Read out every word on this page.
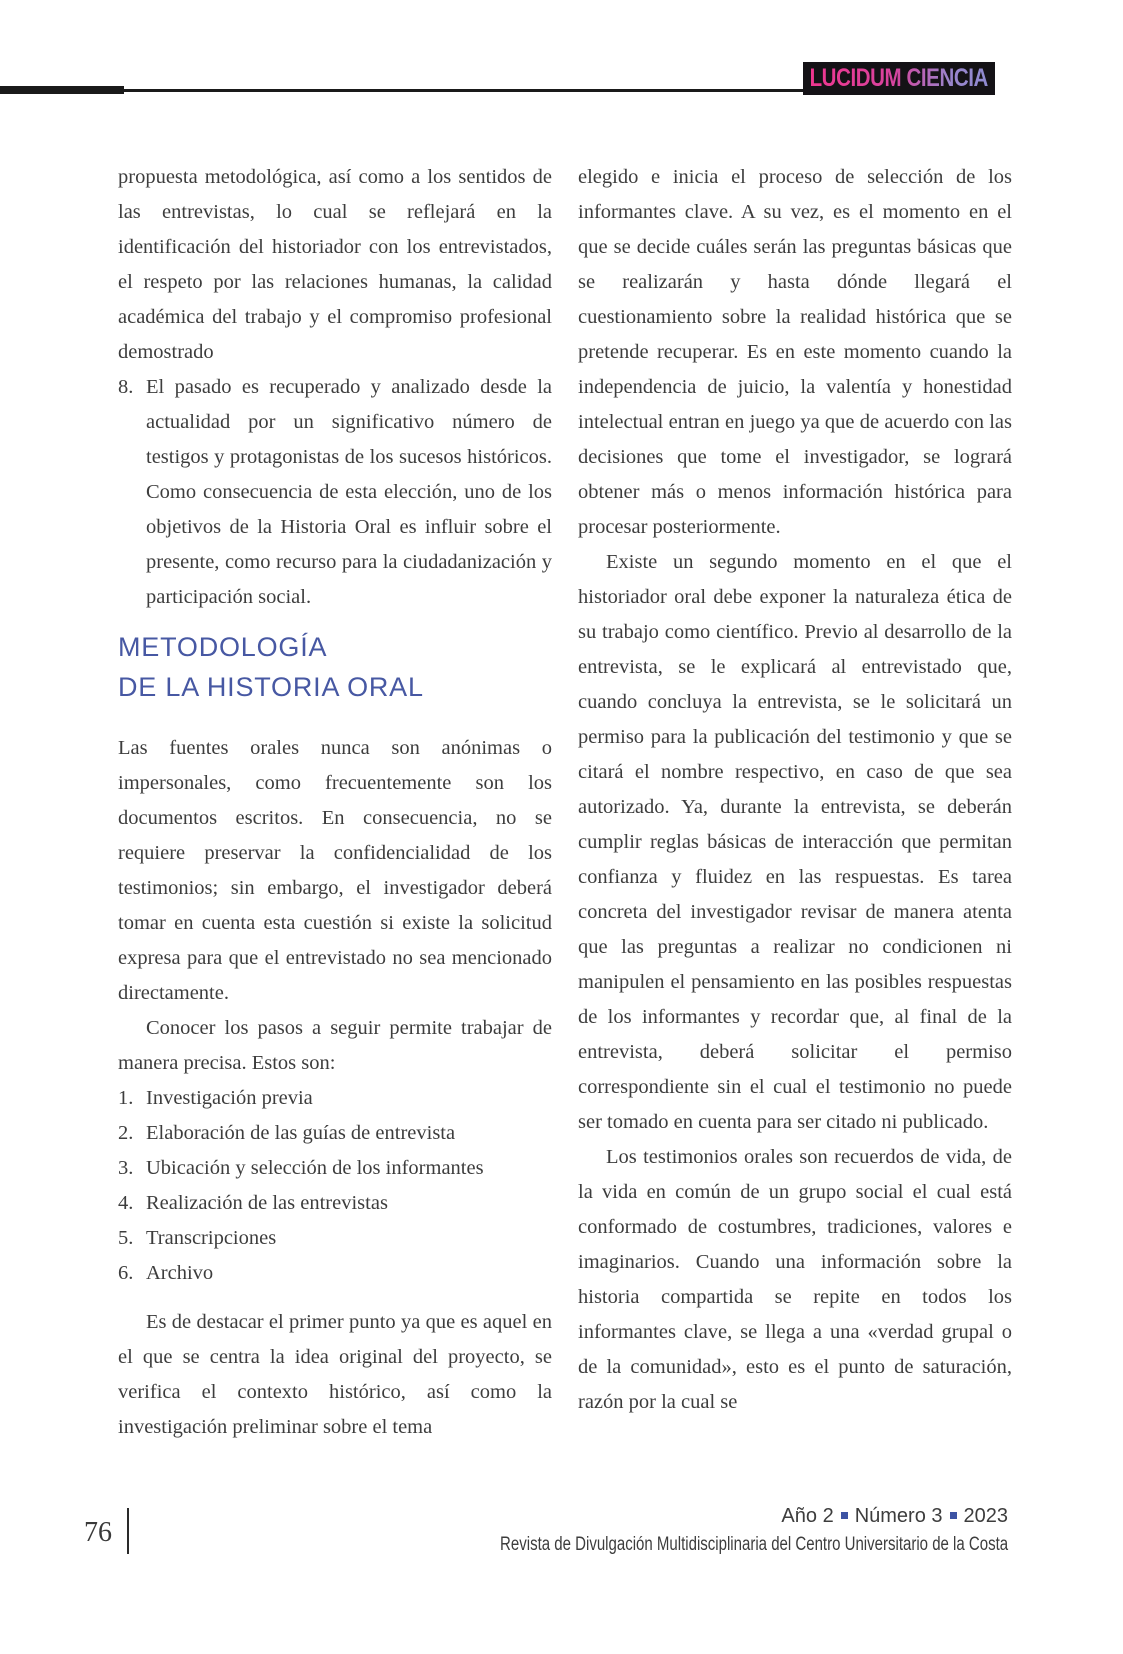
LUCIDUM CIENCIA
propuesta metodológica, así como a los sentidos de las entrevistas, lo cual se reflejará en la identificación del historiador con los entrevistados, el respeto por las relaciones humanas, la calidad académica del trabajo y el compromiso profesional demostrado
8. El pasado es recuperado y analizado desde la actualidad por un significativo número de testigos y protagonistas de los sucesos históricos. Como consecuencia de esta elección, uno de los objetivos de la Historia Oral es influir sobre el presente, como recurso para la ciudadanización y participación social.
METODOLOGÍA
DE LA HISTORIA ORAL

Las fuentes orales nunca son anónimas o impersonales, como frecuentemente son los documentos escritos. En consecuencia, no se requiere preservar la confidencialidad de los testimonios; sin embargo, el investigador deberá tomar en cuenta esta cuestión si existe la solicitud expresa para que el entrevistado no sea mencionado directamente.

Conocer los pasos a seguir permite trabajar de manera precisa. Estos son:

1. Investigación previa
2. Elaboración de las guías de entrevista
3. Ubicación y selección de los informantes
4. Realización de las entrevistas
5. Transcripciones
6. Archivo

Es de destacar el primer punto ya que es aquel en el que se centra la idea original del proyecto, se verifica el contexto histórico, así como la investigación preliminar sobre el tema

elegido e inicia el proceso de selección de los informantes clave. A su vez, es el momento en el que se decide cuáles serán las preguntas básicas que se realizarán y hasta dónde llegará el cuestionamiento sobre la realidad histórica que se pretende recuperar. Es en este momento cuando la independencia de juicio, la valentía y honestidad intelectual entran en juego ya que de acuerdo con las decisiones que tome el investigador, se logrará obtener más o menos información histórica para procesar posteriormente.

Existe un segundo momento en el que el historiador oral debe exponer la naturaleza ética de su trabajo como científico. Previo al desarrollo de la entrevista, se le explicará al entrevistado que, cuando concluya la entrevista, se le solicitará un permiso para la publicación del testimonio y que se citará el nombre respectivo, en caso de que sea autorizado. Ya, durante la entrevista, se deberán cumplir reglas básicas de interacción que permitan confianza y fluidez en las respuestas. Es tarea concreta del investigador revisar de manera atenta que las preguntas a realizar no condicionen ni manipulen el pensamiento en las posibles respuestas de los informantes y recordar que, al final de la entrevista, deberá solicitar el permiso correspondiente sin el cual el testimonio no puede ser tomado en cuenta para ser citado ni publicado.

Los testimonios orales son recuerdos de vida, de la vida en común de un grupo social el cual está conformado de costumbres, tradiciones, valores e imaginarios. Cuando una información sobre la historia compartida se repite en todos los informantes clave, se llega a una «verdad grupal o de la comunidad», esto es el punto de saturación, razón por la cual se

76
Año 2 Número 3 2023
Revista de Divulgación Multidisciplinaria del Centro Universitario de la Costa
